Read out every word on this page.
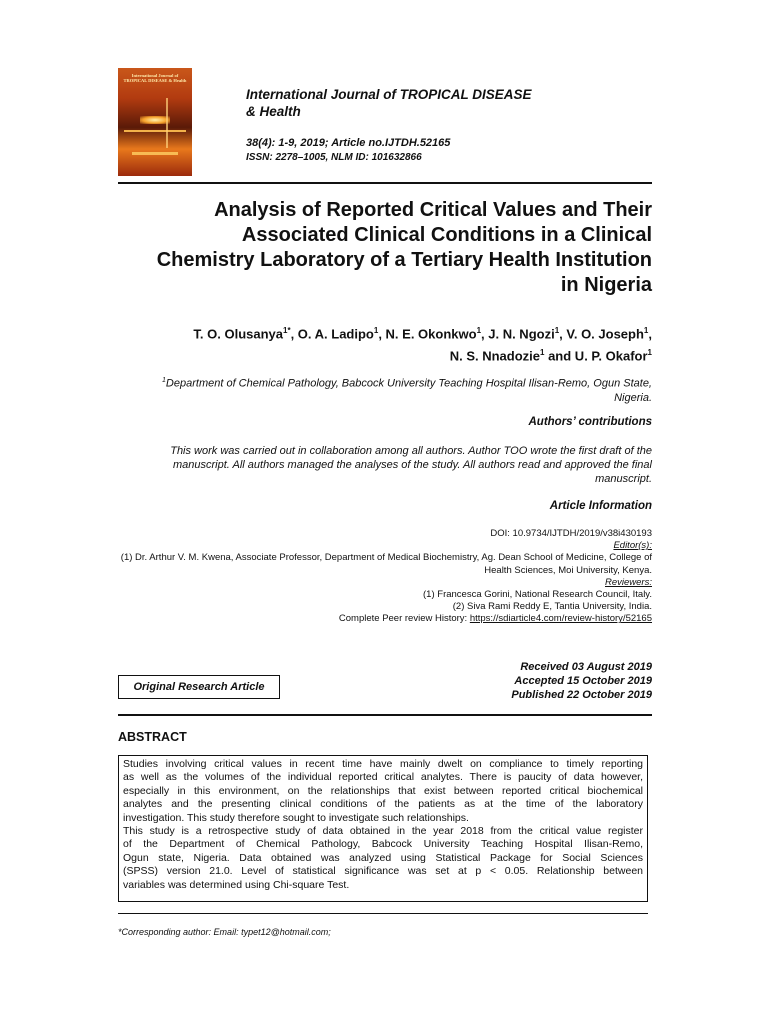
International Journal of TROPICAL DISEASE & Health
International Journal of TROPICAL DISEASE
& Health
38(4): 1-9, 2019; Article no.IJTDH.52165
ISSN: 2278–1005, NLM ID: 101632866
Analysis of Reported Critical Values and Their
Associated Clinical Conditions in a Clinical
Chemistry Laboratory of a Tertiary Health Institution
in Nigeria
T. O. Olusanya$^{1*}$, O. A. Ladipo$^1$, N. E. Okonkwo$^1$, J. N. Ngozi$^1$, V. O. Joseph$^1$,
N. S. Nnadozie$^1$ and U. P. Okafor$^1$
$^1$Department of Chemical Pathology, Babcock University Teaching Hospital Ilisan-Remo, Ogun State,
Nigeria.
Authors’ contributions
This work was carried out in collaboration among all authors. Author TOO wrote the first draft of the
manuscript. All authors managed the analyses of the study. All authors read and approved the final
manuscript.
Article Information
DOI: 10.9734/IJTDH/2019/v38i430193
Editor(s):
(1) Dr. Arthur V. M. Kwena, Associate Professor, Department of Medical Biochemistry, Ag. Dean School of Medicine, College of
Health Sciences, Moi University, Kenya.
Reviewers:
(1) Francesca Gorini, National Research Council, Italy.
(2) Siva Rami Reddy E, Tantia University, India.
Complete Peer review History: https://sdiarticle4.com/review-history/52165
Received 03 August 2019
Accepted 15 October 2019
Published 22 October 2019
Original Research Article
ABSTRACT
Studies involving critical values in recent time have mainly dwelt on compliance to timely reporting
as well as the volumes of the individual reported critical analytes. There is paucity of data however,
especially in this environment, on the relationships that exist between reported critical biochemical
analytes and the presenting clinical conditions of the patients as at the time of the laboratory
investigation. This study therefore sought to investigate such relationships.
This study is a retrospective study of data obtained in the year 2018 from the critical value register
of the Department of Chemical Pathology, Babcock University Teaching Hospital Ilisan-Remo,
Ogun state, Nigeria. Data obtained was analyzed using Statistical Package for Social Sciences
(SPSS) version 21.0. Level of statistical significance was set at p < 0.05. Relationship between
variables was determined using Chi-square Test.
*Corresponding author: Email: typet12@hotmail.com;
